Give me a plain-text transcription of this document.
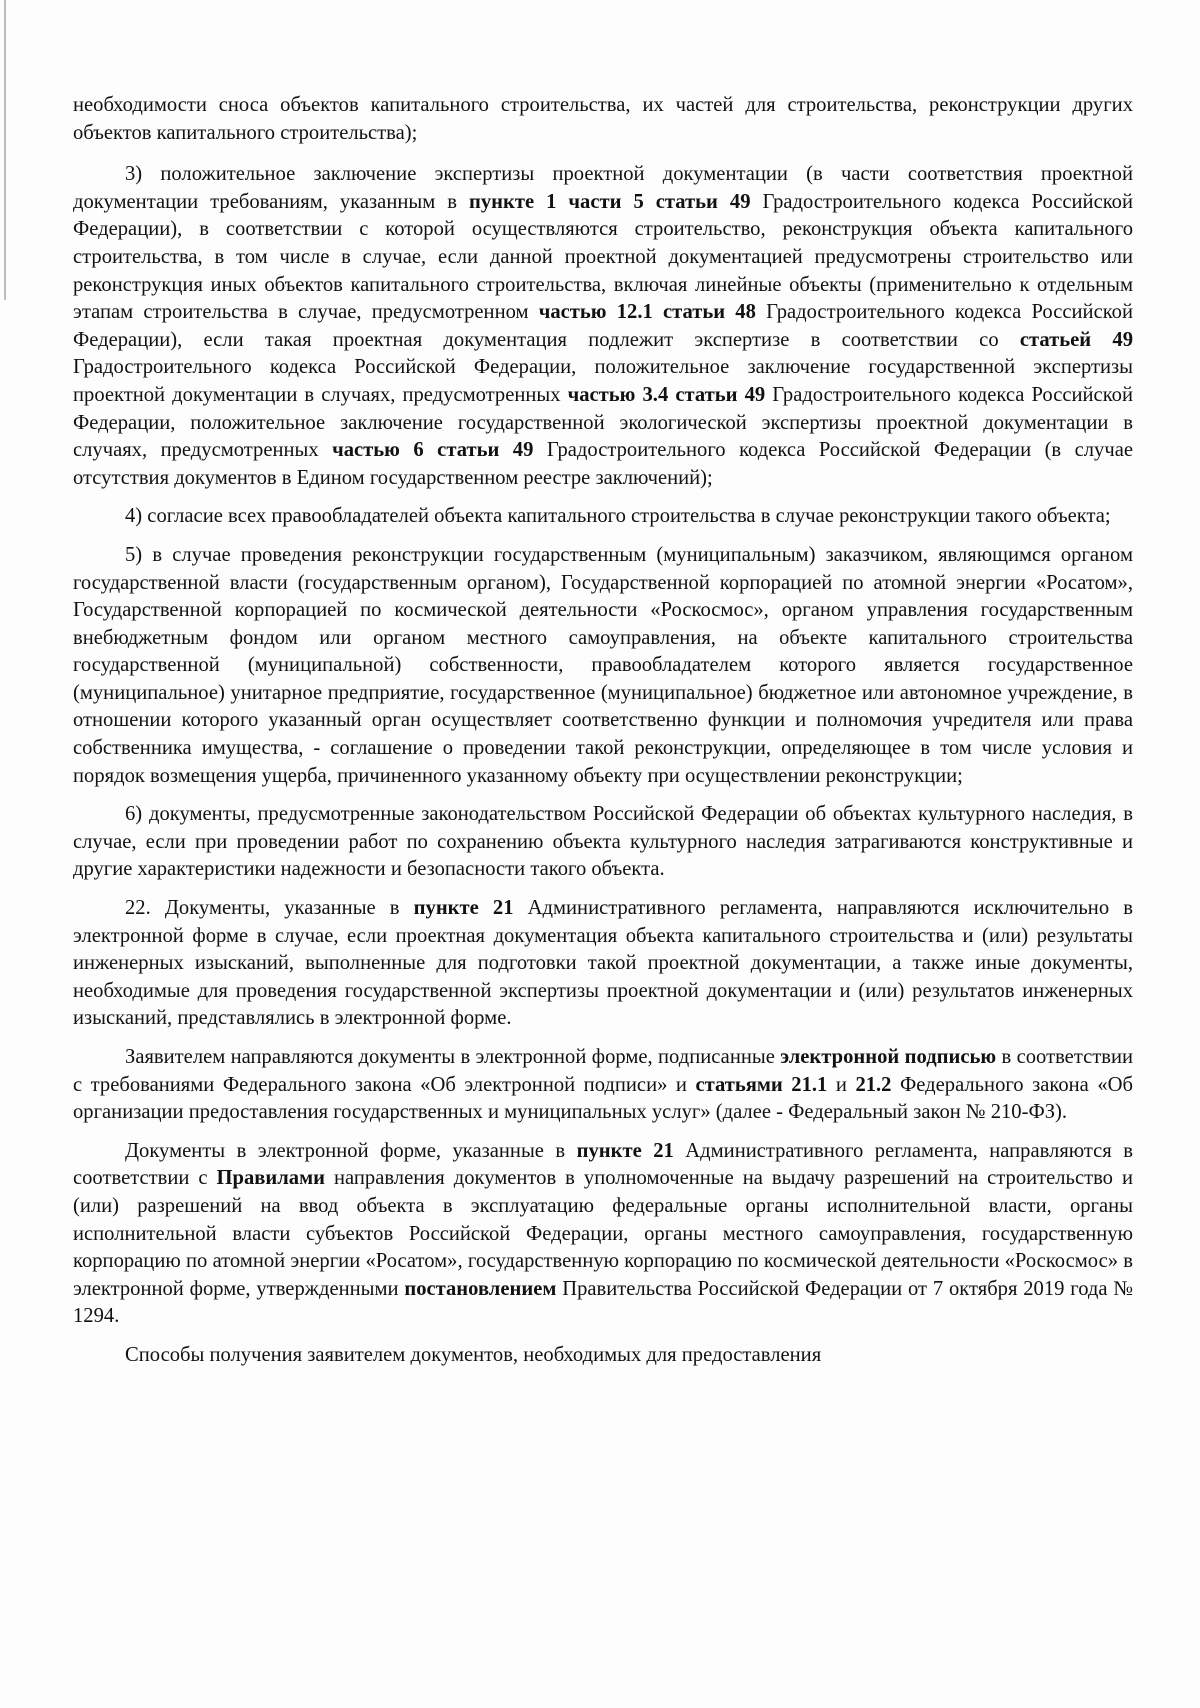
необходимости сноса объектов капитального строительства, их частей для строительства, реконструкции других объектов капитального строительства);

3) положительное заключение экспертизы проектной документации (в части соответствия проектной документации требованиям, указанным в пункте 1 части 5 статьи 49 Градостроительного кодекса Российской Федерации), в соответствии с которой осуществляются строительство, реконструкция объекта капитального строительства, в том числе в случае, если данной проектной документацией предусмотрены строительство или реконструкция иных объектов капитального строительства, включая линейные объекты (применительно к отдельным этапам строительства в случае, предусмотренном частью 12.1 статьи 48 Градостроительного кодекса Российской Федерации), если такая проектная документация подлежит экспертизе в соответствии со статьей 49 Градостроительного кодекса Российской Федерации, положительное заключение государственной экспертизы проектной документации в случаях, предусмотренных частью 3.4 статьи 49 Градостроительного кодекса Российской Федерации, положительное заключение государственной экологической экспертизы проектной документации в случаях, предусмотренных частью 6 статьи 49 Градостроительного кодекса Российской Федерации (в случае отсутствия документов в Едином государственном реестре заключений);

4) согласие всех правообладателей объекта капитального строительства в случае реконструкции такого объекта;

5) в случае проведения реконструкции государственным (муниципальным) заказчиком, являющимся органом государственной власти (государственным органом), Государственной корпорацией по атомной энергии «Росатом», Государственной корпорацией по космической деятельности «Роскосмос», органом управления государственным внебюджетным фондом или органом местного самоуправления, на объекте капитального строительства государственной (муниципальной) собственности, правообладателем которого является государственное (муниципальное) унитарное предприятие, государственное (муниципальное) бюджетное или автономное учреждение, в отношении которого указанный орган осуществляет соответственно функции и полномочия учредителя или права собственника имущества, - соглашение о проведении такой реконструкции, определяющее в том числе условия и порядок возмещения ущерба, причиненного указанному объекту при осуществлении реконструкции;

6) документы, предусмотренные законодательством Российской Федерации об объектах культурного наследия, в случае, если при проведении работ по сохранению объекта культурного наследия затрагиваются конструктивные и другие характеристики надежности и безопасности такого объекта.

22. Документы, указанные в пункте 21 Административного регламента, направляются исключительно в электронной форме в случае, если проектная документация объекта капитального строительства и (или) результаты инженерных изысканий, выполненные для подготовки такой проектной документации, а также иные документы, необходимые для проведения государственной экспертизы проектной документации и (или) результатов инженерных изысканий, представлялись в электронной форме.

Заявителем направляются документы в электронной форме, подписанные электронной подписью в соответствии с требованиями Федерального закона «Об электронной подписи» и статьями 21.1 и 21.2 Федерального закона «Об организации предоставления государственных и муниципальных услуг» (далее - Федеральный закон № 210-ФЗ).

Документы в электронной форме, указанные в пункте 21 Административного регламента, направляются в соответствии с Правилами направления документов в уполномоченные на выдачу разрешений на строительство и (или) разрешений на ввод объекта в эксплуатацию федеральные органы исполнительной власти, органы исполнительной власти субъектов Российской Федерации, органы местного самоуправления, государственную корпорацию по атомной энергии «Росатом», государственную корпорацию по космической деятельности «Роскосмос» в электронной форме, утвержденными постановлением Правительства Российской Федерации от 7 октября 2019 года № 1294.

Способы получения заявителем документов, необходимых для предоставления
